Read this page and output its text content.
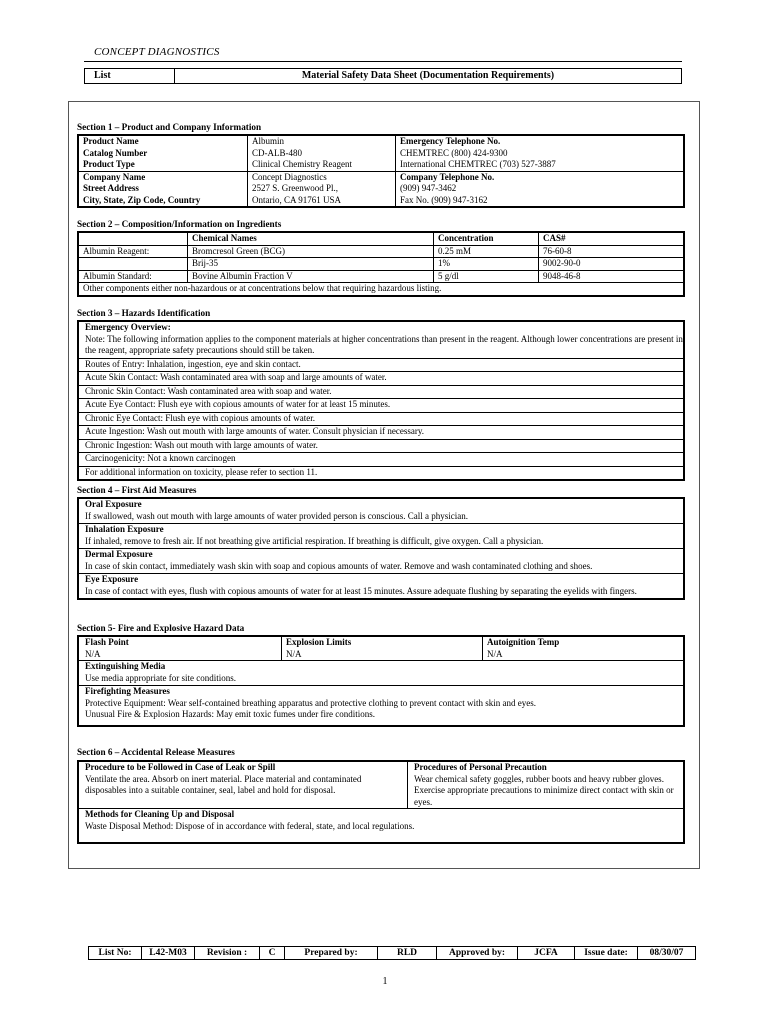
CONCEPT DIAGNOSTICS
List	Material Safety Data Sheet (Documentation Requirements)
Section 1 – Product and Company Information
Product Name	Albumin	Emergency Telephone No.
Catalog Number	CD-ALB-480	CHEMTREC (800) 424-9300
Product Type	Clinical Chemistry Reagent	International CHEMTREC (703) 527-3887
Company Name	Concept Diagnostics	Company Telephone No.
Street Address	2527 S. Greenwood Pl.,	(909) 947-3462
City, State, Zip Code, Country	Ontario, CA 91761 USA	Fax No. (909) 947-3162
Section 2 – Composition/Information on Ingredients
	Chemical Names	Concentration	CAS#
Albumin Reagent:	Bromcresol Green (BCG)	0.25 mM	76-60-8
	Brij-35	1%	9002-90-0
Albumin Standard:	Bovine Albumin Fraction V	5 g/dl	9048-46-8
Other components either non-hazardous or at concentrations below that requiring hazardous listing.			
Section 3 – Hazards Identification
Emergency Overview:
Note: The following information applies to the component materials at higher concentrations than present in the reagent. Although lower concentrations are present in the reagent, appropriate safety precautions should still be taken.
Routes of Entry: Inhalation, ingestion, eye and skin contact.
Acute Skin Contact: Wash contaminated area with soap and large amounts of water.
Chronic Skin Contact: Wash contaminated area with soap and water.
Acute Eye Contact: Flush eye with copious amounts of water for at least 15 minutes.
Chronic Eye Contact: Flush eye with copious amounts of water.
Acute Ingestion: Wash out mouth with large amounts of water. Consult physician if necessary.
Chronic Ingestion: Wash out mouth with large amounts of water.
Carcinogenicity: Not a known carcinogen
For additional information on toxicity, please refer to section 11.
Section 4 – First Aid Measures
Oral Exposure
If swallowed, wash out mouth with large amounts of water provided person is conscious. Call a physician.
Inhalation Exposure
If inhaled, remove to fresh air. If not breathing give artificial respiration. If breathing is difficult, give oxygen. Call a physician.
Dermal Exposure
In case of skin contact, immediately wash skin with soap and copious amounts of water. Remove and wash contaminated clothing and shoes.
Eye Exposure
In case of contact with eyes, flush with copious amounts of water for at least 15 minutes. Assure adequate flushing by separating the eyelids with fingers.
Section 5- Fire and Explosive Hazard Data
Flash Point
N/A
Explosion Limits
N/A
Autoignition Temp
N/A
Extinguishing Media
Use media appropriate for site conditions.
Firefighting Measures
Protective Equipment: Wear self-contained breathing apparatus and protective clothing to prevent contact with skin and eyes.
Unusual Fire & Explosion Hazards: May emit toxic fumes under fire conditions.
Section 6 – Accidental Release Measures
Procedure to be Followed in Case of Leak or Spill
Ventilate the area. Absorb on inert material. Place material and contaminated disposables into a suitable container, seal, label and hold for disposal.
Procedures of Personal Precaution
Wear chemical safety goggles, rubber boots and heavy rubber gloves. Exercise appropriate precautions to minimize direct contact with skin or eyes.
Methods for Cleaning Up and Disposal
Waste Disposal Method: Dispose of in accordance with federal, state, and local regulations.
List No:	L42-M03	Revision :	C	Prepared by:	RLD	Approved by:	JCFA	Issue date:	08/30/07
1
